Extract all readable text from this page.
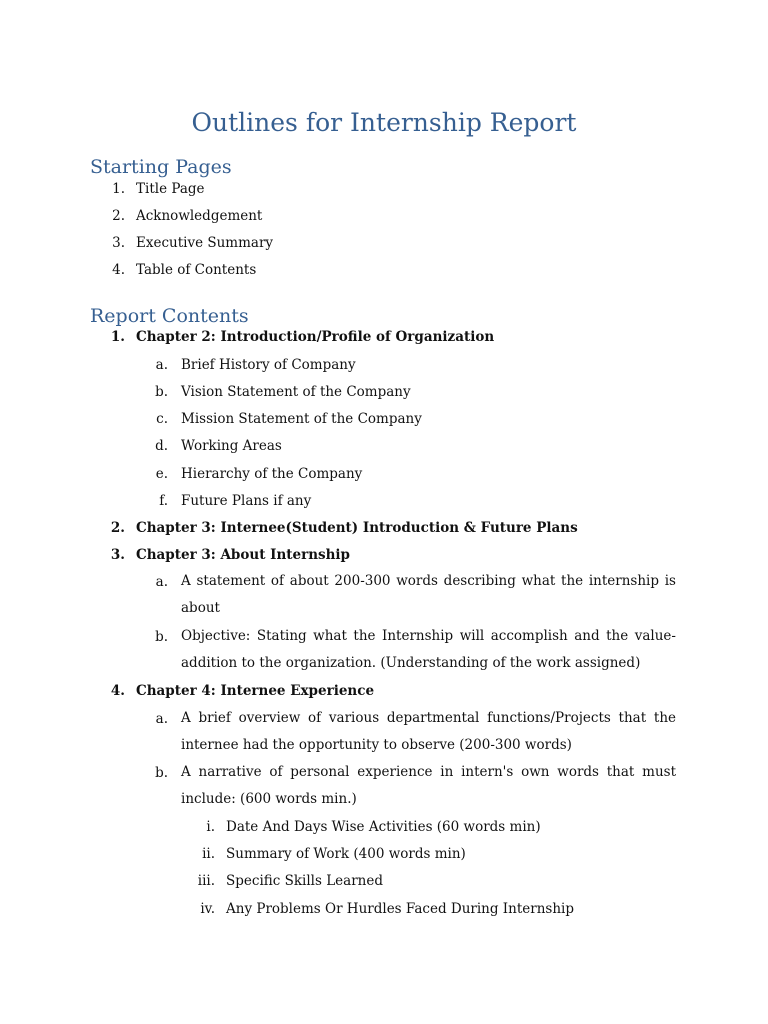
Outlines for Internship Report
Starting Pages
1. Title Page
2. Acknowledgement
3. Executive Summary
4. Table of Contents
Report Contents
1. Chapter 2: Introduction/Profile of Organization
a. Brief History of Company
b. Vision Statement of the Company
c. Mission Statement of the Company
d. Working Areas
e. Hierarchy of the Company
f. Future Plans if any
2. Chapter 3: Internee(Student) Introduction & Future Plans
3. Chapter 3: About Internship
a. A statement of about 200-300 words describing what the internship is about
b. Objective: Stating what the Internship will accomplish and the value-addition to the organization. (Understanding of the work assigned)
4. Chapter 4: Internee Experience
a. A brief overview of various departmental functions/Projects that the internee had the opportunity to observe (200-300 words)
b. A narrative of personal experience in intern's own words that must include: (600 words min.)
i. Date And Days Wise Activities (60 words min)
ii. Summary of Work (400 words min)
iii. Specific Skills Learned
iv. Any Problems Or Hurdles Faced During Internship
